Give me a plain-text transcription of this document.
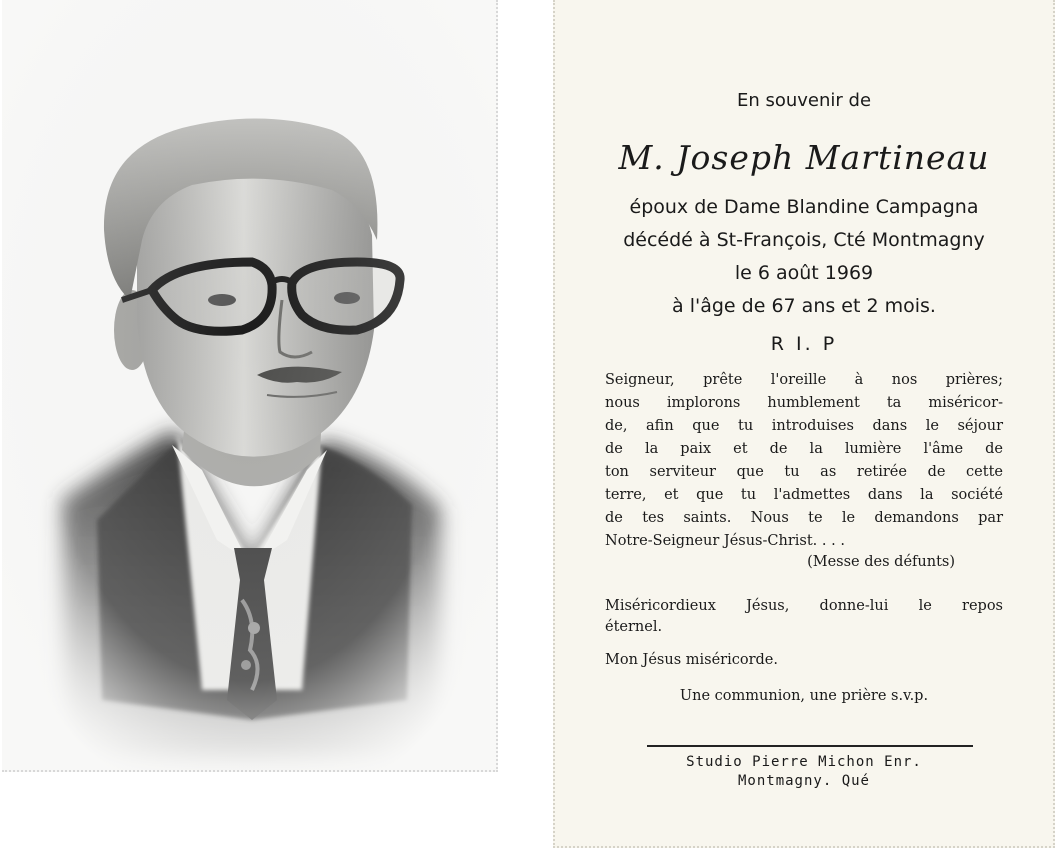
En souvenir de
M. Joseph Martineau
époux de Dame Blandine Campagna
décédé à St-François, Cté Montmagny
le 6 août 1969
à l'âge de 67 ans et 2 mois.
R I. P
Seigneur, prête l'oreille à nos prières;
nous implorons humblement ta miséricor-
de, afin que tu introduises dans le séjour
de la paix et de la lumière l'âme de
ton serviteur que tu as retirée de cette
terre, et que tu l'admettes dans la société
de tes saints. Nous te le demandons par
Notre-Seigneur Jésus-Christ. . . .
(Messe des défunts)
Miséricordieux Jésus, donne-lui le repos
éternel.
Mon Jésus miséricorde.
Une communion, une prière s.v.p.
Studio Pierre Michon Enr.
Montmagny. Qué
